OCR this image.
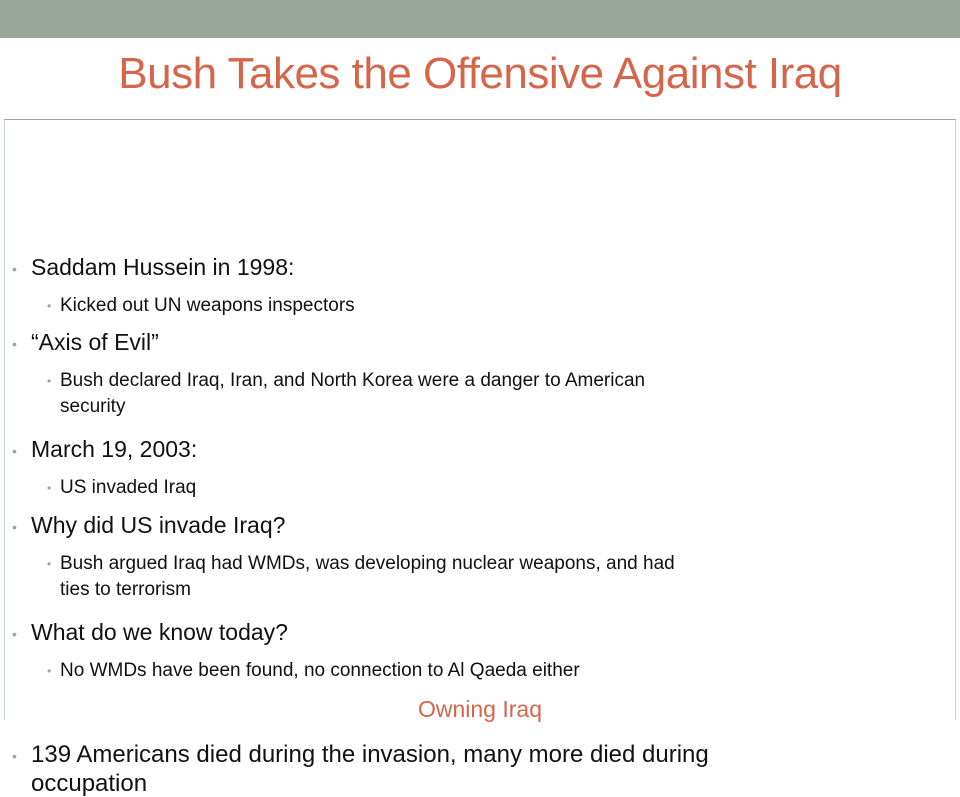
Bush Takes the Offensive Against Iraq
• Saddam Hussein in 1998:
• Kicked out UN weapons inspectors
• “Axis of Evil”
• Bush declared Iraq, Iran, and North Korea were a danger to American
security
• March 19, 2003:
• US invaded Iraq
• Why did US invade Iraq?
• Bush argued Iraq had WMDs, was developing nuclear weapons, and had
ties to terrorism
• What do we know today?
• No WMDs have been found, no connection to Al Qaeda either
Owning Iraq
• 139 Americans died during the invasion, many more died during
occupation
